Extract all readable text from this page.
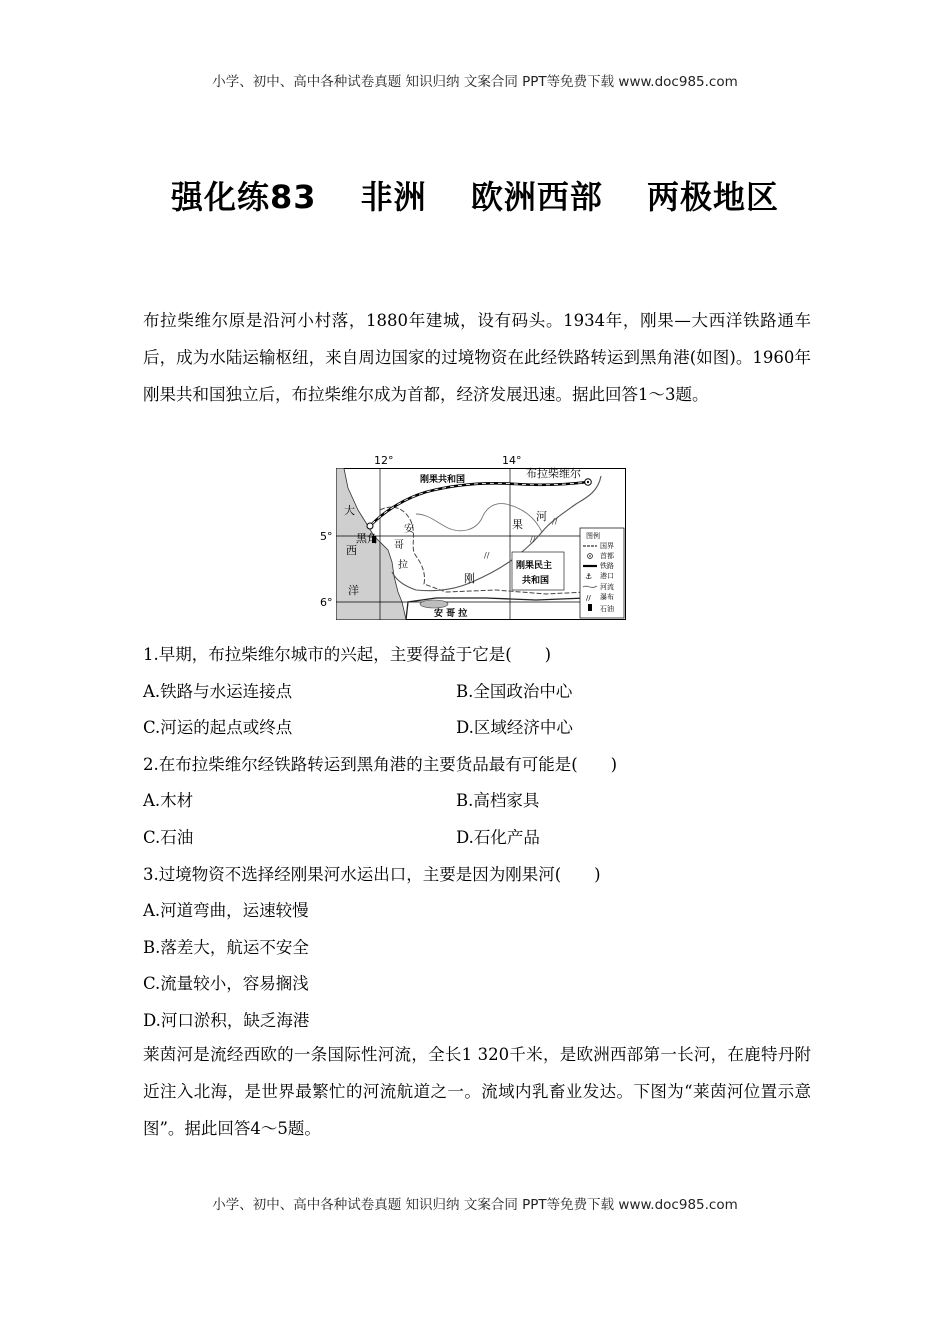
小学、初中、高中各种试卷真题 知识归纳 文案合同 PPT等免费下载 www.doc985.com
强化练83 非洲 欧洲西部 两极地区
布拉柴维尔原是沿河小村落，1880年建城，设有码头。1934年，刚果—大西洋铁路通车后，成为水陆运输枢纽，来自周边国家的过境物资在此经铁路转运到黑角港(如图)。1960年刚果共和国独立后，布拉柴维尔成为首都，经济发展迅速。据此回答1～3题。
//
//
//
12°	14°
5°
6°
刚果共和国	布拉柴维尔
大
西
洋
黑角
安
哥
拉
果
河
刚
刚果民主
共和国
安 哥 拉
图例
国界
首都
铁路
⚓ 港口
河流
// 瀑布
石油
1.早期，布拉柴维尔城市的兴起，主要得益于它是(　　)
A.铁路与水运连接点	B.全国政治中心
C.河运的起点或终点	D.区域经济中心
2.在布拉柴维尔经铁路转运到黑角港的主要货品最有可能是(　　)
A.木材	B.高档家具
C.石油	D.石化产品
3.过境物资不选择经刚果河水运出口，主要是因为刚果河(　　)
A.河道弯曲，运速较慢
B.落差大，航运不安全
C.流量较小，容易搁浅
D.河口淤积，缺乏海港
莱茵河是流经西欧的一条国际性河流，全长1 320千米，是欧洲西部第一长河，在鹿特丹附近注入北海，是世界最繁忙的河流航道之一。流域内乳畜业发达。下图为“莱茵河位置示意图”。据此回答4～5题。
小学、初中、高中各种试卷真题 知识归纳 文案合同 PPT等免费下载 www.doc985.com
